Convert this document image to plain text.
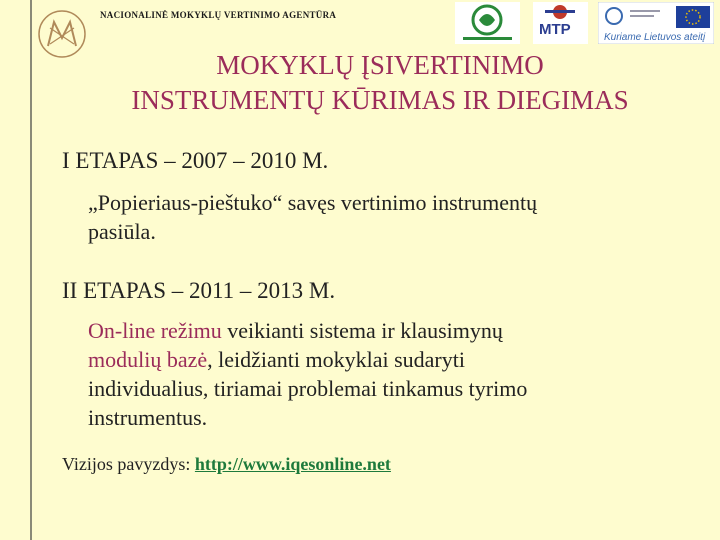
NACIONALINĖ MOKYKLŲ VERTINIMO AGENTŪRA
MTP	Kuriame Lietuvos ateitį
MOKYKLŲ ĮSIVERTINIMO
INSTRUMENTŲ KŪRIMAS IR DIEGIMAS
I ETAPAS – 2007 – 2010 M.
„Popieriaus-pieštuko“ savęs vertinimo instrumentų
pasiūla.
II ETAPAS – 2011 – 2013 M.
On-line režimu veikianti sistema ir klausimynų
modulių bazė, leidžianti mokyklai sudaryti
individualius, tiriamai problemai tinkamus tyrimo
instrumentus.
Vizijos pavyzdys: http://www.iqesonline.net
